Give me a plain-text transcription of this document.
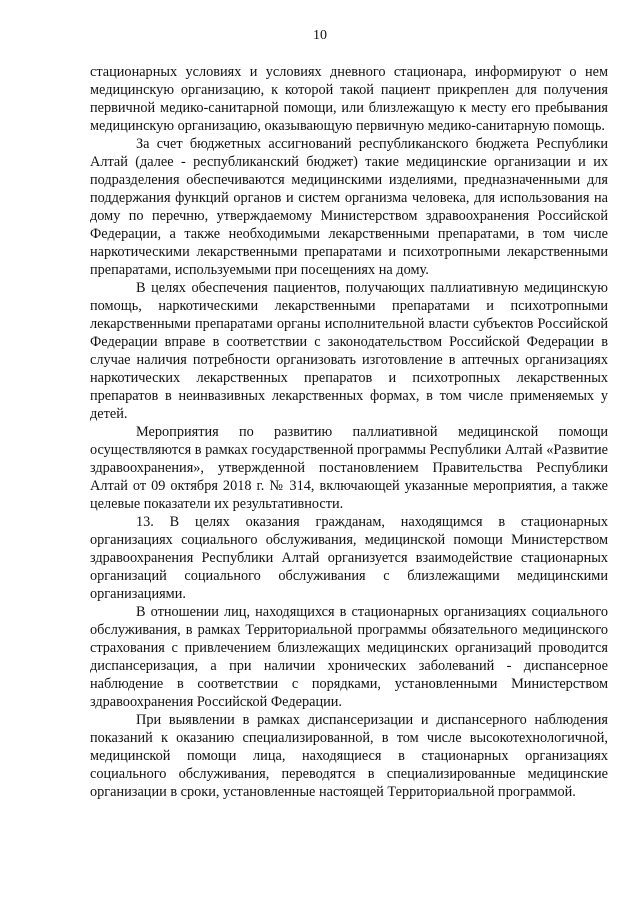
10

стационарных условиях и условиях дневного стационара, информируют о нем медицинскую организацию, к которой такой пациент прикреплен для получения первичной медико-санитарной помощи, или близлежащую к месту его пребывания медицинскую организацию, оказывающую первичную медико-санитарную помощь.

За счет бюджетных ассигнований республиканского бюджета Республики Алтай (далее - республиканский бюджет) такие медицинские организации и их подразделения обеспечиваются медицинскими изделиями, предназначенными для поддержания функций органов и систем организма человека, для использования на дому по перечню, утверждаемому Министерством здравоохранения Российской Федерации, а также необходимыми лекарственными препаратами, в том числе наркотическими лекарственными препаратами и психотропными лекарственными препаратами, используемыми при посещениях на дому.

В целях обеспечения пациентов, получающих паллиативную медицинскую помощь, наркотическими лекарственными препаратами и психотропными лекарственными препаратами органы исполнительной власти субъектов Российской Федерации вправе в соответствии с законодательством Российской Федерации в случае наличия потребности организовать изготовление в аптечных организациях наркотических лекарственных препаратов и психотропных лекарственных препаратов в неинвазивных лекарственных формах, в том числе применяемых у детей.

Мероприятия по развитию паллиативной медицинской помощи осуществляются в рамках государственной программы Республики Алтай «Развитие здравоохранения», утвержденной постановлением Правительства Республики Алтай от 09 октября 2018 г. № 314, включающей указанные мероприятия, а также целевые показатели их результативности.

13. В целях оказания гражданам, находящимся в стационарных организациях социального обслуживания, медицинской помощи Министерством здравоохранения Республики Алтай организуется взаимодействие стационарных организаций социального обслуживания с близлежащими медицинскими организациями.

В отношении лиц, находящихся в стационарных организациях социального обслуживания, в рамках Территориальной программы обязательного медицинского страхования с привлечением близлежащих медицинских организаций проводится диспансеризация, а при наличии хронических заболеваний - диспансерное наблюдение в соответствии с порядками, установленными Министерством здравоохранения Российской Федерации.

При выявлении в рамках диспансеризации и диспансерного наблюдения показаний к оказанию специализированной, в том числе высокотехнологичной, медицинской помощи лица, находящиеся в стационарных организациях социального обслуживания, переводятся в специализированные медицинские организации в сроки, установленные настоящей Территориальной программой.
